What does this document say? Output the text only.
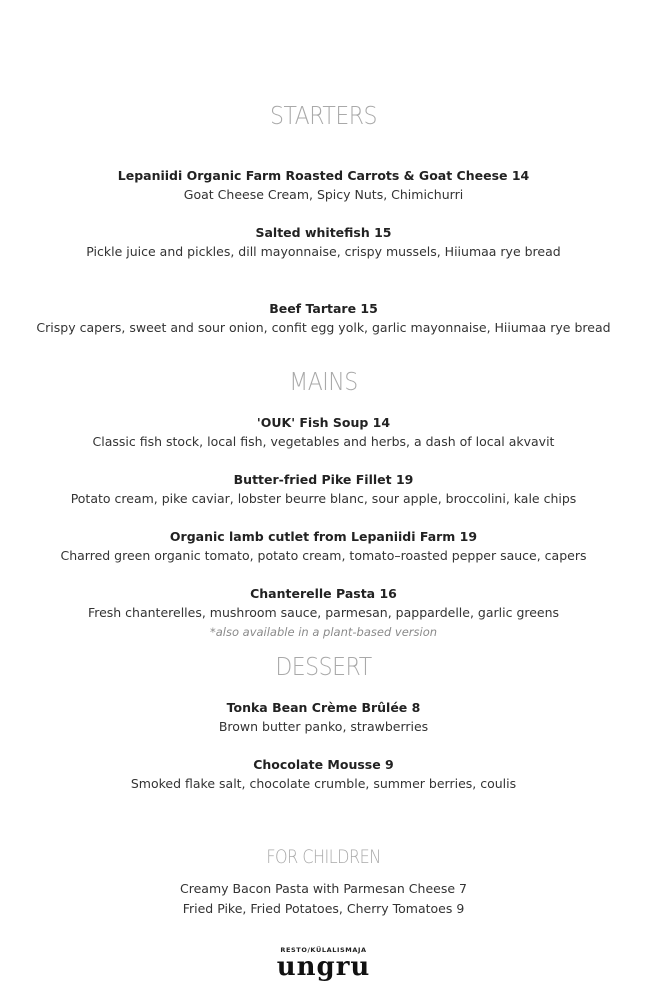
STARTERS
Lepaniidi Organic Farm Roasted Carrots & Goat Cheese 14
Goat Cheese Cream, Spicy Nuts, Chimichurri
Salted whitefish 15
Pickle juice and pickles, dill mayonnaise, crispy mussels, Hiiumaa rye bread
Beef Tartare 15
Crispy capers, sweet and sour onion, confit egg yolk, garlic mayonnaise, Hiiumaa rye bread
MAINS
'OUK' Fish Soup 14
Classic fish stock, local fish, vegetables and herbs, a dash of local akvavit
Butter-fried Pike Fillet 19
Potato cream, pike caviar, lobster beurre blanc, sour apple, broccolini, kale chips
Organic lamb cutlet from Lepaniidi Farm 19
Charred green organic tomato, potato cream, tomato–roasted pepper sauce, capers
Chanterelle Pasta 16
Fresh chanterelles, mushroom sauce, parmesan, pappardelle, garlic greens
*also available in a plant-based version
DESSERT
Tonka Bean Crème Brûlée 8
Brown butter panko, strawberries
Chocolate Mousse 9
Smoked flake salt, chocolate crumble, summer berries, coulis
FOR CHILDREN
Creamy Bacon Pasta with Parmesan Cheese 7
Fried Pike, Fried Potatoes, Cherry Tomatoes 9
RESTO/KÜLALISMAJA
ungru
